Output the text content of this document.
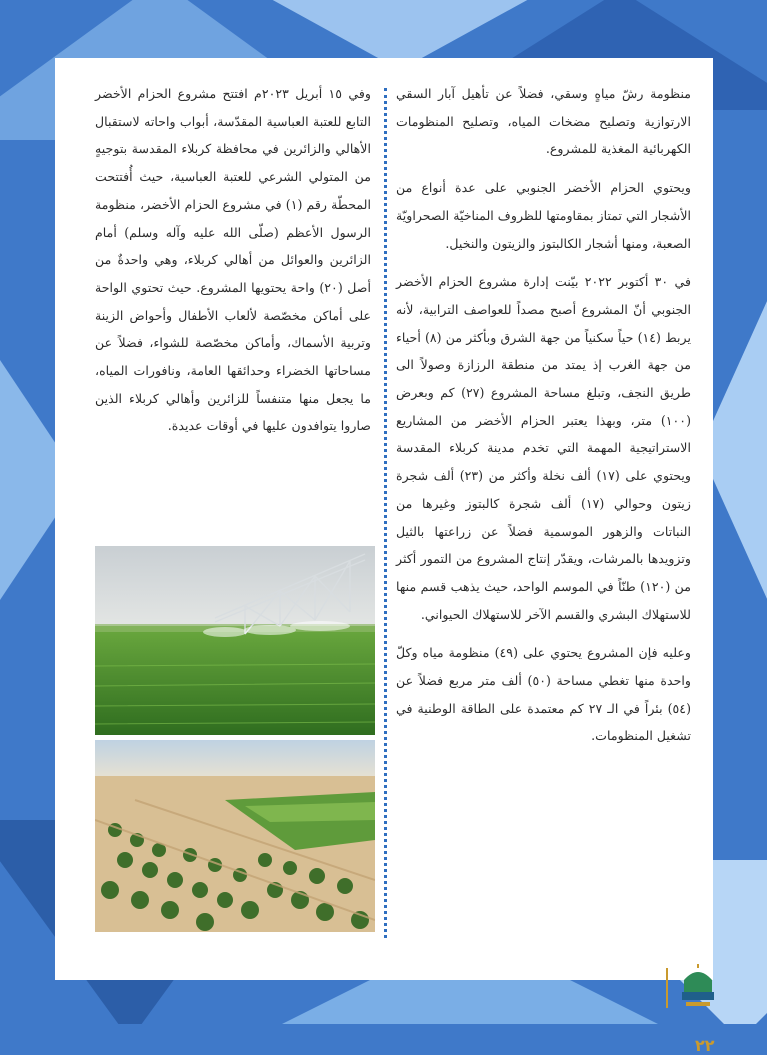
منظومة رشّ مياهٍ وسقي، فضلاً عن تأهيل آبار السقي الارتوازية وتصليح مضخات المياه، وتصليح المنظومات الكهربائية المغذية للمشروع.

ويحتوي الحزام الأخضر الجنوبي على عدة أنواع من الأشجار التي تمتاز بمقاومتها للظروف المناخيّة الصحراويّة الصعبة، ومنها أشجار الكالبتوز والزيتون والنخيل.

في ٣٠ أكتوبر ٢٠٢٢ بيّنت إدارة مشروع الحزام الأخضر الجنوبي أنّ المشروع أصبح مصداً للعواصف الترابية، لأنه يربط (١٤) حياً سكنياً من جهة الشرق وبأكثر من (٨) أحياء من جهة الغرب إذ يمتد من منطقة الرزازة وصولاً الى طريق النجف، وتبلغ مساحة المشروع (٢٧) كم وبعرض (١٠٠) متر، وبهذا يعتبر الحزام الأخضر من المشاريع الاستراتيجية المهمة التي تخدم مدينة كربلاء المقدسة ويحتوي على (١٧) ألف نخلة وأكثر من (٢٣) ألف شجرة زيتون وحوالي (١٧) ألف شجرة كالبتوز وغيرها من النباتات والزهور الموسمية فضلاً عن زراعتها بالثيل وتزويدها بالمرشات، ويقدّر إنتاج المشروع من التمور أكثر من (١٢٠) طنّاً في الموسم الواحد، حيث يذهب قسم منها للاستهلاك البشري والقسم الآخر للاستهلاك الحيواني.

وعليه فإن المشروع يحتوي على (٤٩) منظومة مياه وكلّ واحدة منها تغطي مساحة (٥٠) ألف متر مربع فضلاً عن (٥٤) بئراً في الـ ٢٧ كم معتمدة على الطاقة الوطنية في تشغيل المنظومات.

وفي ١٥ أبريل ٢٠٢٣م افتتح مشروع الحزام الأخضر التابع للعتبة العباسية المقدّسة، أبواب واحاته لاستقبال الأهالي والزائرين في محافظة كربلاء المقدسة بتوجيهٍ من المتولي الشرعي للعتبة العباسية، حيث أُفتتحت المحطّة رقم (١) في مشروع الحزام الأخضر، منظومة الرسول الأعظم (صلّى الله عليه وآله وسلم) أمام الزائرين والعوائل من أهالي كربلاء، وهي واحدةٌ من أصل (٢٠) واحة يحتويها المشروع. حيث تحتوي الواحة على أماكن مخصّصة لألعاب الأطفال وأحواض الزينة وتربية الأسماك، وأماكن مخصّصة للشواء، فضلاً عن مساحاتها الخضراء وحدائقها العامة، ونافورات المياه، ما يجعل منها متنفساً للزائرين وأهالي كربلاء الذين صاروا يتوافدون عليها في أوقات عديدة.

٢٢
